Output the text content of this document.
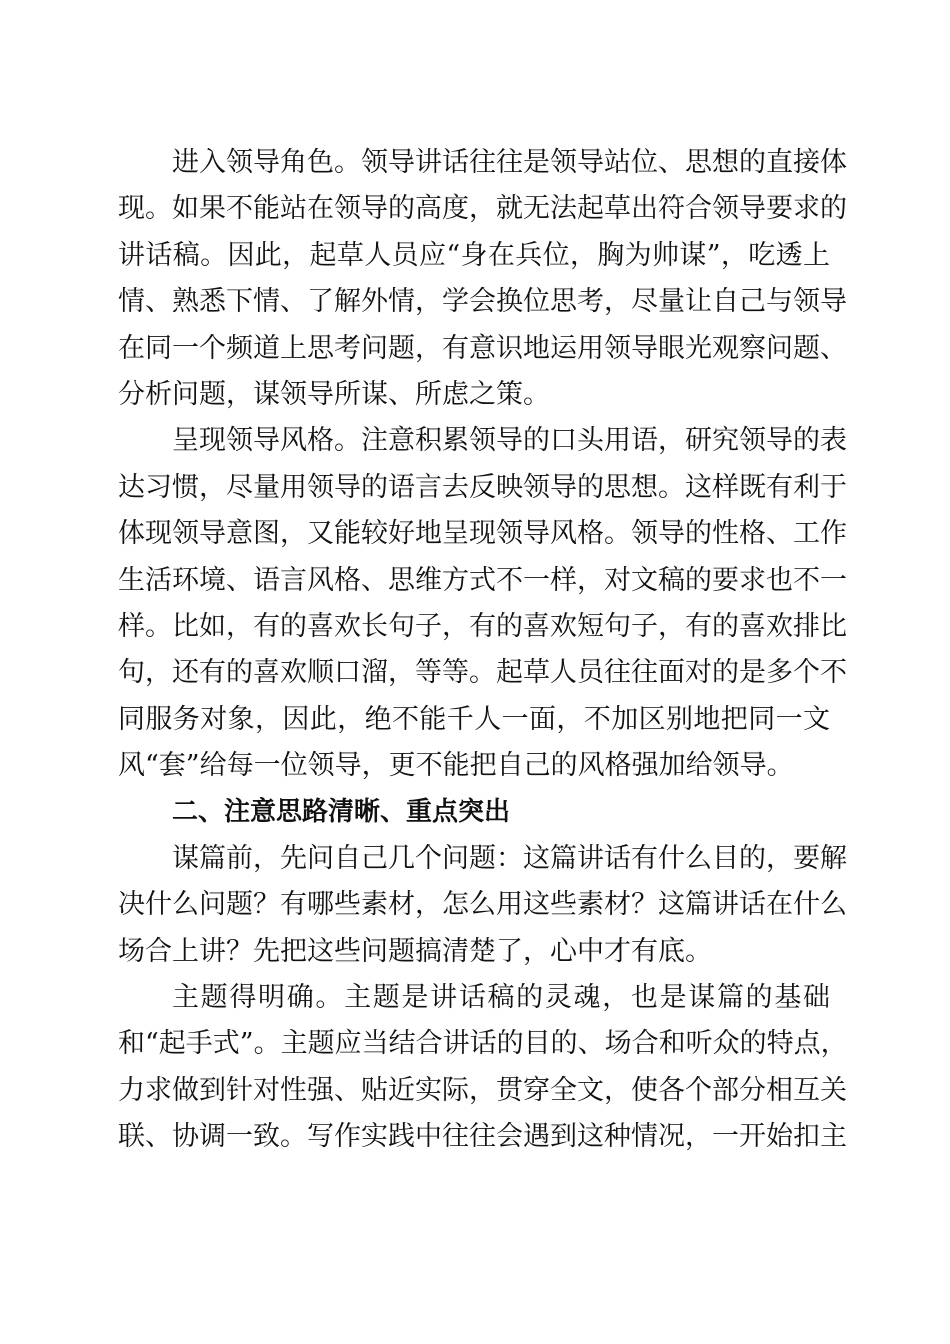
进入领导角色。领导讲话往往是领导站位、思想的直接体
现。如果不能站在领导的高度，就无法起草出符合领导要求的
讲话稿。因此，起草人员应“身在兵位，胸为帅谋”，吃透上
情、熟悉下情、了解外情，学会换位思考，尽量让自己与领导
在同一个频道上思考问题，有意识地运用领导眼光观察问题、
分析问题，谋领导所谋、所虑之策。
呈现领导风格。注意积累领导的口头用语，研究领导的表
达习惯，尽量用领导的语言去反映领导的思想。这样既有利于
体现领导意图，又能较好地呈现领导风格。领导的性格、工作
生活环境、语言风格、思维方式不一样，对文稿的要求也不一
样。比如，有的喜欢长句子，有的喜欢短句子，有的喜欢排比
句，还有的喜欢顺口溜，等等。起草人员往往面对的是多个不
同服务对象，因此，绝不能千人一面，不加区别地把同一文
风“套”给每一位领导，更不能把自己的风格强加给领导。
二、注意思路清晰、重点突出
谋篇前，先问自己几个问题：这篇讲话有什么目的，要解
决什么问题？有哪些素材，怎么用这些素材？这篇讲话在什么
场合上讲？先把这些问题搞清楚了，心中才有底。
主题得明确。主题是讲话稿的灵魂，也是谋篇的基础
和“起手式”。主题应当结合讲话的目的、场合和听众的特点，
力求做到针对性强、贴近实际，贯穿全文，使各个部分相互关
联、协调一致。写作实践中往往会遇到这种情况，一开始扣主
